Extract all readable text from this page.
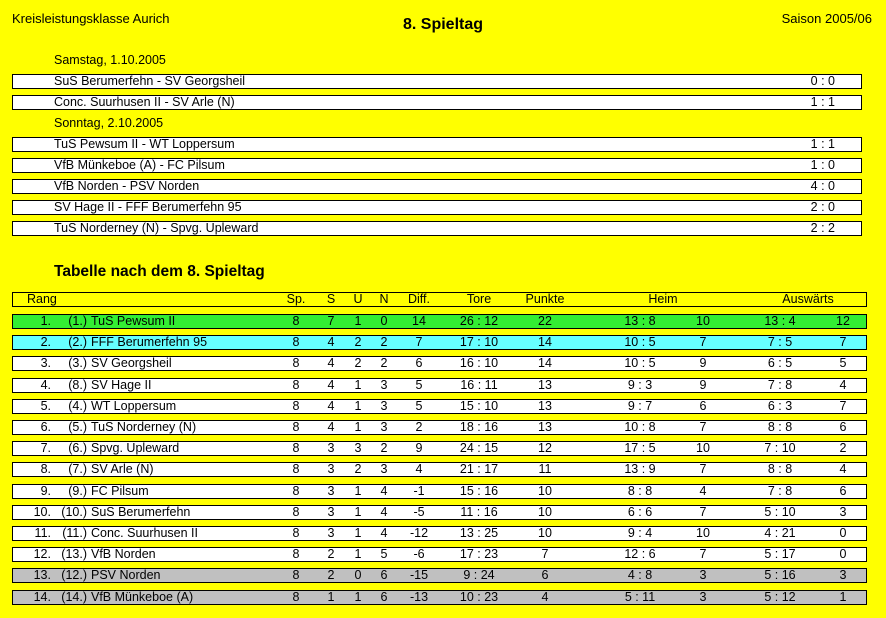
Kreisleistungsklasse Aurich	8. Spieltag	Saison 2005/06
Samstag, 1.10.2005
SuS Berumerfehn - SV Georgsheil	0 : 0
Conc. Suurhusen II - SV Arle (N)	1 : 1
Sonntag, 2.10.2005
TuS Pewsum II - WT Loppersum	1 : 1
VfB Münkeboe (A) - FC Pilsum	1 : 0
VfB Norden - PSV Norden	4 : 0
SV Hage II - FFF Berumerfehn 95	2 : 0
TuS Norderney (N) - Spvg. Upleward	2 : 2
Tabelle nach dem 8. Spieltag
Rang	Sp.	S	U	N	Diff.	Tore	Punkte	Heim	Auswärts
1.	(1.) TuS Pewsum II	8	7	1	0	14	26 : 12	22	13 : 8	10	13 : 4	12
2.	(2.) FFF Berumerfehn 95	8	4	2	2	7	17 : 10	14	10 : 5	7	7 : 5	7
3.	(3.) SV Georgsheil	8	4	2	2	6	16 : 10	14	10 : 5	9	6 : 5	5
4.	(8.) SV Hage II	8	4	1	3	5	16 : 11	13	9 : 3	9	7 : 8	4
5.	(4.) WT Loppersum	8	4	1	3	5	15 : 10	13	9 : 7	6	6 : 3	7
6.	(5.) TuS Norderney (N)	8	4	1	3	2	18 : 16	13	10 : 8	7	8 : 8	6
7.	(6.) Spvg. Upleward	8	3	3	2	9	24 : 15	12	17 : 5	10	7 : 10	2
8.	(7.) SV Arle (N)	8	3	2	3	4	21 : 17	11	13 : 9	7	8 : 8	4
9.	(9.) FC Pilsum	8	3	1	4	-1	15 : 16	10	8 : 8	4	7 : 8	6
10. (10.) SuS Berumerfehn	8	3	1	4	-5	11 : 16	10	6 : 6	7	5 : 10	3
11. (11.) Conc. Suurhusen II	8	3	1	4	-12	13 : 25	10	9 : 4	10	4 : 21	0
12. (13.) VfB Norden	8	2	1	5	-6	17 : 23	7	12 : 6	7	5 : 17	0
13. (12.) PSV Norden	8	2	0	6	-15	9 : 24	6	4 : 8	3	5 : 16	3
14. (14.) VfB Münkeboe (A)	8	1	1	6	-13	10 : 23	4	5 : 11	3	5 : 12	1
